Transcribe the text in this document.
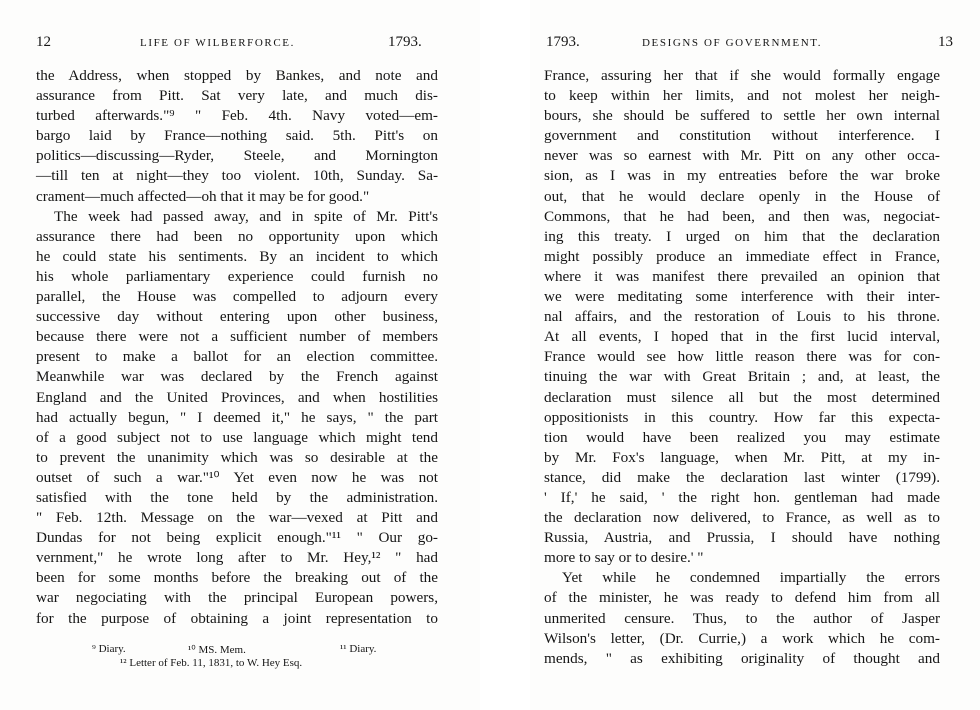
12	LIFE OF WILBERFORCE.	1793.
the Address, when stopped by Bankes, and note and
assurance from Pitt. Sat very late, and much dis-
turbed afterwards."⁹ " Feb. 4th. Navy voted—em-
bargo laid by France—nothing said. 5th. Pitt's on
politics—discussing—Ryder, Steele, and Mornington
—till ten at night—they too violent. 10th, Sunday. Sa-
crament—much affected—oh that it may be for good."
The week had passed away, and in spite of Mr. Pitt's
assurance there had been no opportunity upon which
he could state his sentiments. By an incident to which
his whole parliamentary experience could furnish no
parallel, the House was compelled to adjourn every
successive day without entering upon other business,
because there were not a sufficient number of members
present to make a ballot for an election committee.
Meanwhile war was declared by the French against
England and the United Provinces, and when hostilities
had actually begun, " I deemed it," he says, " the part
of a good subject not to use language which might tend
to prevent the unanimity which was so desirable at the
outset of such a war."¹⁰ Yet even now he was not
satisfied with the tone held by the administration.
" Feb. 12th. Message on the war—vexed at Pitt and
Dundas for not being explicit enough."¹¹ " Our go-
vernment," he wrote long after to Mr. Hey,¹² " had
been for some months before the breaking out of the
war negociating with the principal European powers,
for the purpose of obtaining a joint representation to
⁹ Diary.	¹⁰ MS. Mem.	¹¹ Diary.
¹² Letter of Feb. 11, 1831, to W. Hey Esq.
1793.	DESIGNS OF GOVERNMENT.	13
France, assuring her that if she would formally engage
to keep within her limits, and not molest her neigh-
bours, she should be suffered to settle her own internal
government and constitution without interference. I
never was so earnest with Mr. Pitt on any other occa-
sion, as I was in my entreaties before the war broke
out, that he would declare openly in the House of
Commons, that he had been, and then was, negociat-
ing this treaty. I urged on him that the declaration
might possibly produce an immediate effect in France,
where it was manifest there prevailed an opinion that
we were meditating some interference with their inter-
nal affairs, and the restoration of Louis to his throne.
At all events, I hoped that in the first lucid interval,
France would see how little reason there was for con-
tinuing the war with Great Britain ; and, at least, the
declaration must silence all but the most determined
oppositionists in this country. How far this expecta-
tion would have been realized you may estimate
by Mr. Fox's language, when Mr. Pitt, at my in-
stance, did make the declaration last winter (1799).
' If,' he said, ' the right hon. gentleman had made
the declaration now delivered, to France, as well as to
Russia, Austria, and Prussia, I should have nothing
more to say or to desire.' "
Yet while he condemned impartially the errors
of the minister, he was ready to defend him from all
unmerited censure. Thus, to the author of Jasper
Wilson's letter, (Dr. Currie,) a work which he com-
mends, " as exhibiting originality of thought and
